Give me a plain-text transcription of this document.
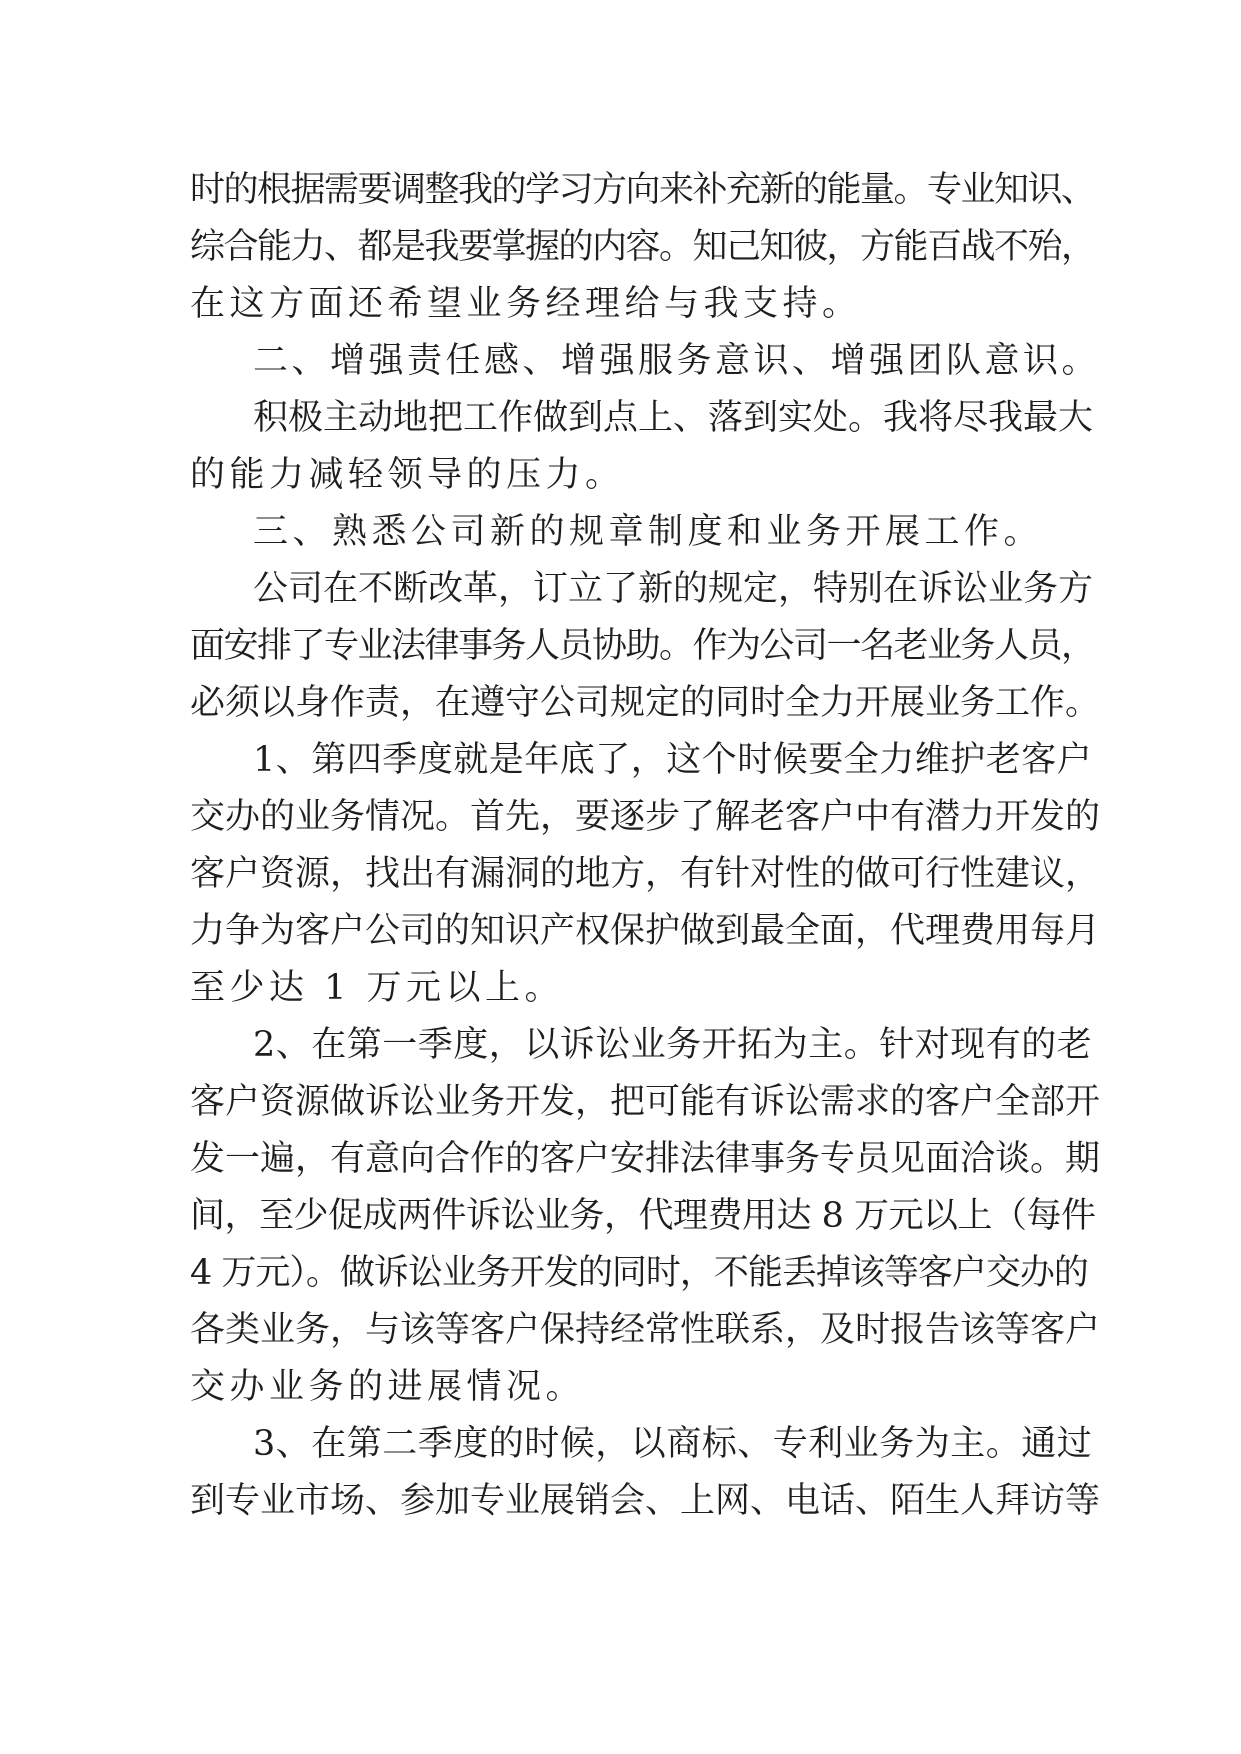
时的根据需要调整我的学习方向来补充新的能量。专业知识、
综合能力、都是我要掌握的内容。知己知彼，方能百战不殆，
在这方面还希望业务经理给与我支持。
二、增强责任感、增强服务意识、增强团队意识。
积极主动地把工作做到点上、落到实处。我将尽我最大
的能力减轻领导的压力。
三、熟悉公司新的规章制度和业务开展工作。
公司在不断改革，订立了新的规定，特别在诉讼业务方
面安排了专业法律事务人员协助。作为公司一名老业务人员，
必须以身作责，在遵守公司规定的同时全力开展业务工作。
1、第四季度就是年底了，这个时候要全力维护老客户
交办的业务情况。首先，要逐步了解老客户中有潜力开发的
客户资源，找出有漏洞的地方，有针对性的做可行性建议，
力争为客户公司的知识产权保护做到最全面，代理费用每月
至少达 1 万元以上。
2、在第一季度，以诉讼业务开拓为主。针对现有的老
客户资源做诉讼业务开发，把可能有诉讼需求的客户全部开
发一遍，有意向合作的客户安排法律事务专员见面洽谈。期
间，至少促成两件诉讼业务，代理费用达 8 万元以上（每件
4 万元）。做诉讼业务开发的同时，不能丢掉该等客户交办的
各类业务，与该等客户保持经常性联系，及时报告该等客户
交办业务的进展情况。
3、在第二季度的时候，以商标、专利业务为主。通过
到专业市场、参加专业展销会、上网、电话、陌生人拜访等
